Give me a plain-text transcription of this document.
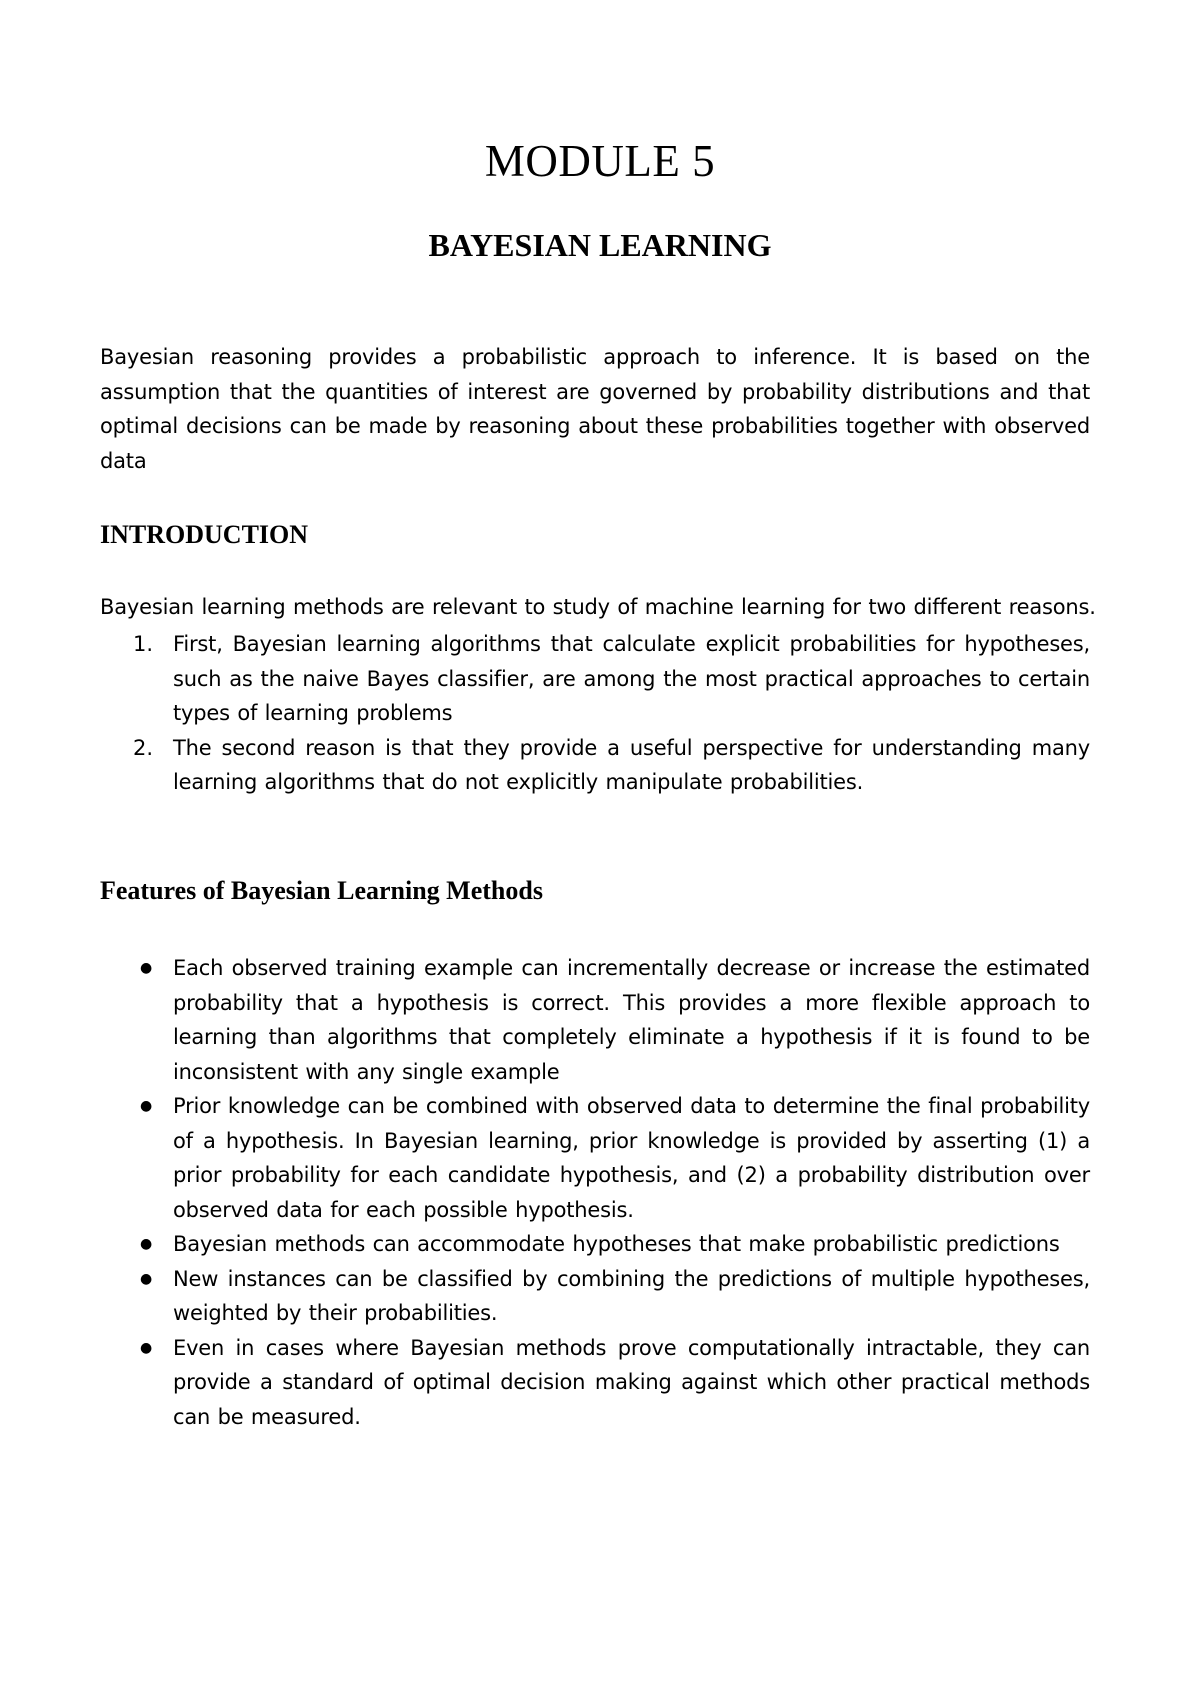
MODULE 5
BAYESIAN LEARNING

Bayesian reasoning provides a probabilistic approach to inference. It is based on the assumption that the quantities of interest are governed by probability distributions and that optimal decisions can be made by reasoning about these probabilities together with observed data

INTRODUCTION

Bayesian learning methods are relevant to study of machine learning for two different reasons.

1. First, Bayesian learning algorithms that calculate explicit probabilities for hypotheses, such as the naive Bayes classifier, are among the most practical approaches to certain types of learning problems

2. The second reason is that they provide a useful perspective for understanding many learning algorithms that do not explicitly manipulate probabilities.

Features of Bayesian Learning Methods
● Each observed training example can incrementally decrease or increase the estimated probability that a hypothesis is correct. This provides a more flexible approach to learning than algorithms that completely eliminate a hypothesis if it is found to be inconsistent with any single example

● Prior knowledge can be combined with observed data to determine the final probability of a hypothesis. In Bayesian learning, prior knowledge is provided by asserting (1) a prior probability for each candidate hypothesis, and (2) a probability distribution over observed data for each possible hypothesis.

● Bayesian methods can accommodate hypotheses that make probabilistic predictions

● New instances can be classified by combining the predictions of multiple hypotheses, weighted by their probabilities.

● Even in cases where Bayesian methods prove computationally intractable, they can provide a standard of optimal decision making against which other practical methods can be measured.
